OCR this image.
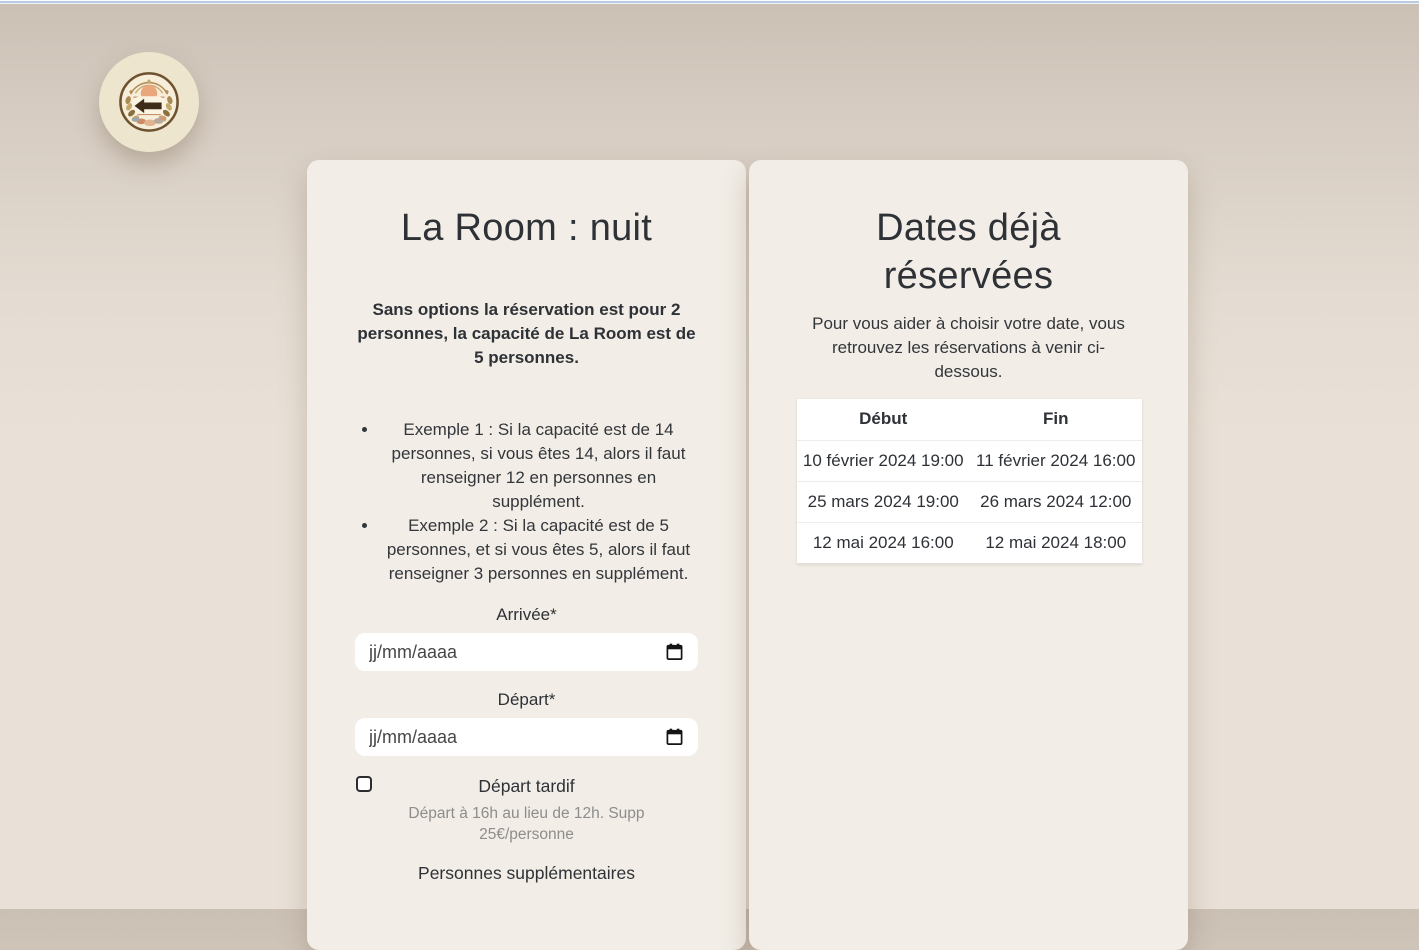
La Room : nuit

Sans options la réservation est pour 2 personnes, la capacité de La Room est de 5 personnes.

• Exemple 1 : Si la capacité est de 14 personnes, si vous êtes 14, alors il faut renseigner 12 en personnes en supplément.
• Exemple 2 : Si la capacité est de 5 personnes, et si vous êtes 5, alors il faut renseigner 3 personnes en supplément.
Arrivée*
jj/mm/aaaa
Départ*
jj/mm/aaaa
Départ tardif

Départ à 16h au lieu de 12h. Supp 25€/personne

Personnes supplémentaires

Dates déjà réservées

Pour vous aider à choisir votre date, vous retrouvez les réservations à venir ci-dessous.

Début	Fin
10 février 2024 19:00	11 février 2024 16:00
25 mars 2024 19:00	26 mars 2024 12:00
12 mai 2024 16:00	12 mai 2024 18:00
